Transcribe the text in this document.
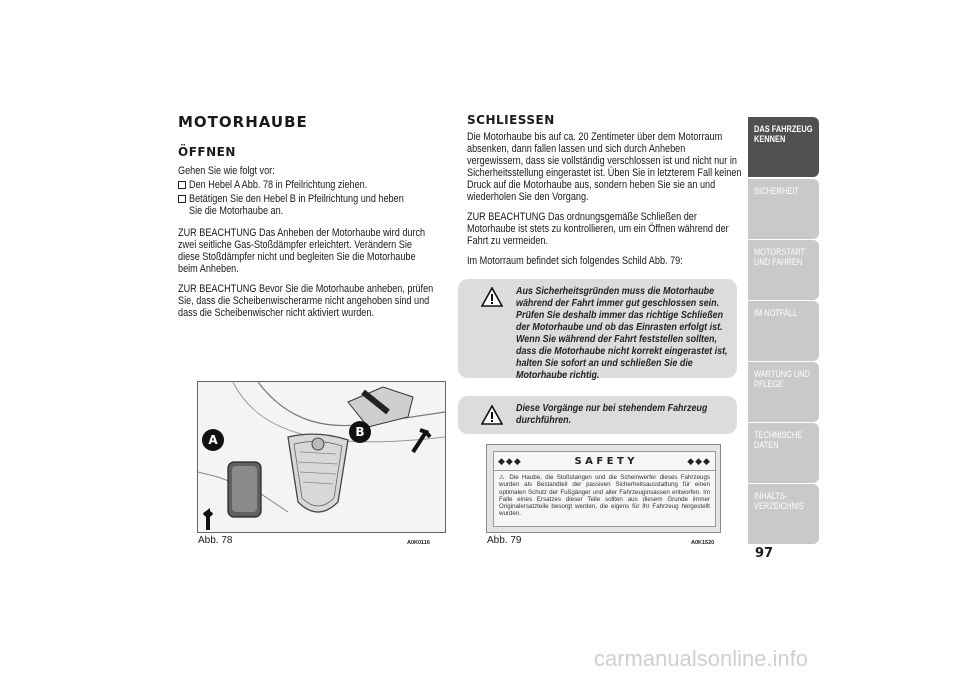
MOTORHAUBE
ÖFFNEN

Gehen Sie wie folgt vor:

Den Hebel A Abb. 78 in Pfeilrichtung ziehen.

Betätigen Sie den Hebel B in Pfeilrichtung und heben Sie die Motorhaube an.

ZUR BEACHTUNG Das Anheben der Motorhaube wird durch zwei seitliche Gas-Stoßdämpfer erleichtert. Verändern Sie diese Stoßdämpfer nicht und begleiten Sie die Motorhaube beim Anheben.

ZUR BEACHTUNG Bevor Sie die Motorhaube anheben, prüfen Sie, dass die Scheibenwischerarme nicht angehoben sind und dass die Scheibenwischer nicht aktiviert wurden.

A
B
Abb. 78	A0K0116
SCHLIESSEN

Die Motorhaube bis auf ca. 20 Zentimeter über dem Motorraum absenken, dann fallen lassen und sich durch Anheben vergewissern, dass sie vollständig verschlossen ist und nicht nur in Sicherheitsstellung eingerastet ist. Üben Sie in letzterem Fall keinen Druck auf die Motorhaube aus, sondern heben Sie sie an und wiederholen Sie den Vorgang.

ZUR BEACHTUNG Das ordnungsgemäße Schließen der Motorhaube ist stets zu kontrollieren, um ein Öffnen während der Fahrt zu vermeiden.

Im Motorraum befindet sich folgendes Schild Abb. 79:

Aus Sicherheitsgründen muss die Motorhaube während der Fahrt immer gut geschlossen sein. Prüfen Sie deshalb immer das richtige Schließen der Motorhaube und ob das Einrasten erfolgt ist. Wenn Sie während der Fahrt feststellen sollten, dass die Motorhaube nicht korrekt eingerastet ist, halten Sie sofort an und schließen Sie die Motorhaube richtig.
Diese Vorgänge nur bei stehendem Fahrzeug durchführen.
◆◆◆	S A F E T Y	◆◆◆
⚠ Die Haube, die Stoßstangen und die Scheinwerfer dieses Fahrzeugs wurden als Bestandteil der passiven Sicherheitsausstattung für einen optimalen Schutz der Fußgänger und aller Fahrzeuginsassen entworfen. Im Falle eines Ersatzes dieser Teile sollten aus diesem Grunde immer Originalersatzteile besorgt werden, die eigens für Ihr Fahrzeug hergestellt wurden.
Abb. 79	A0K1520
DAS FAHRZEUG KENNEN
SICHERHEIT
MOTORSTART UND FAHREN
IM NOTFALL
WARTUNG UND PFLEGE
TECHNISCHE DATEN
INHALTS-VERZEICHNIS
97
carmanualsonline.info
